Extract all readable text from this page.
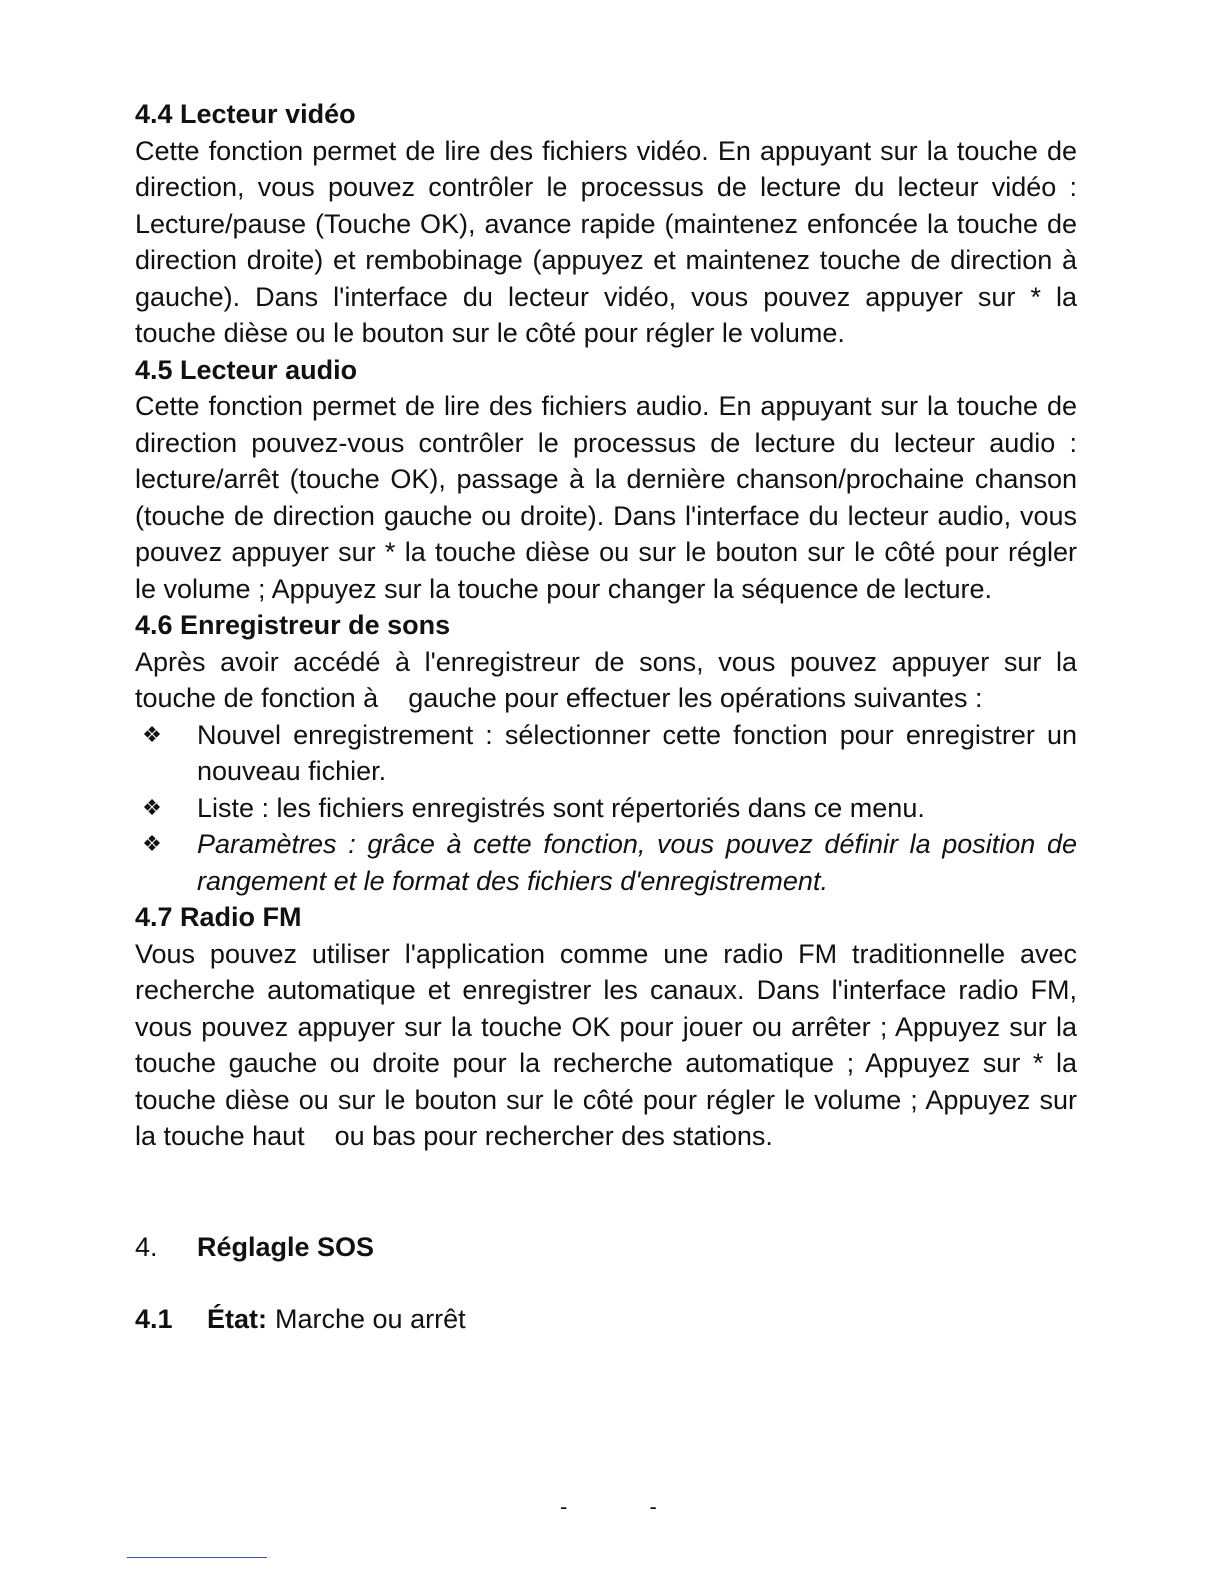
4.4 Lecteur vidéo

Cette fonction permet de lire des fichiers vidéo. En appuyant sur la touche de direction, vous pouvez contrôler le processus de lecture du lecteur vidéo : Lecture/pause (Touche OK), avance rapide (maintenez enfoncée la touche de direction droite) et rembobinage (appuyez et maintenez touche de direction à gauche). Dans l'interface du lecteur vidéo, vous pouvez appuyer sur * la touche dièse ou le bouton sur le côté pour régler le volume.

4.5 Lecteur audio

Cette fonction permet de lire des fichiers audio. En appuyant sur la touche de direction pouvez-vous contrôler le processus de lecture du lecteur audio : lecture/arrêt (touche OK), passage à la dernière chanson/prochaine chanson (touche de direction gauche ou droite). Dans l'interface du lecteur audio, vous pouvez appuyer sur * la touche dièse ou sur le bouton sur le côté pour régler le volume ; Appuyez sur la touche pour changer la séquence de lecture.

4.6 Enregistreur de sons

Après avoir accédé à l'enregistreur de sons, vous pouvez appuyer sur la touche de fonction à    gauche pour effectuer les opérations suivantes :

❖ Nouvel enregistrement : sélectionner cette fonction pour enregistrer un nouveau fichier.
❖ Liste : les fichiers enregistrés sont répertoriés dans ce menu.
❖ Paramètres : grâce à cette fonction, vous pouvez définir la position de rangement et le format des fichiers d'enregistrement.
4.7 Radio FM

Vous pouvez utiliser l'application comme une radio FM traditionnelle avec recherche automatique et enregistrer les canaux. Dans l'interface radio FM, vous pouvez appuyer sur la touche OK pour jouer ou arrêter ; Appuyez sur la touche gauche ou droite pour la recherche automatique ; Appuyez sur * la touche dièse ou sur le bouton sur le côté pour régler le volume ; Appuyez sur la touche haut    ou bas pour rechercher des stations.

4.	Réglagle SOS
4.1	État: Marche ou arrêt
- -
